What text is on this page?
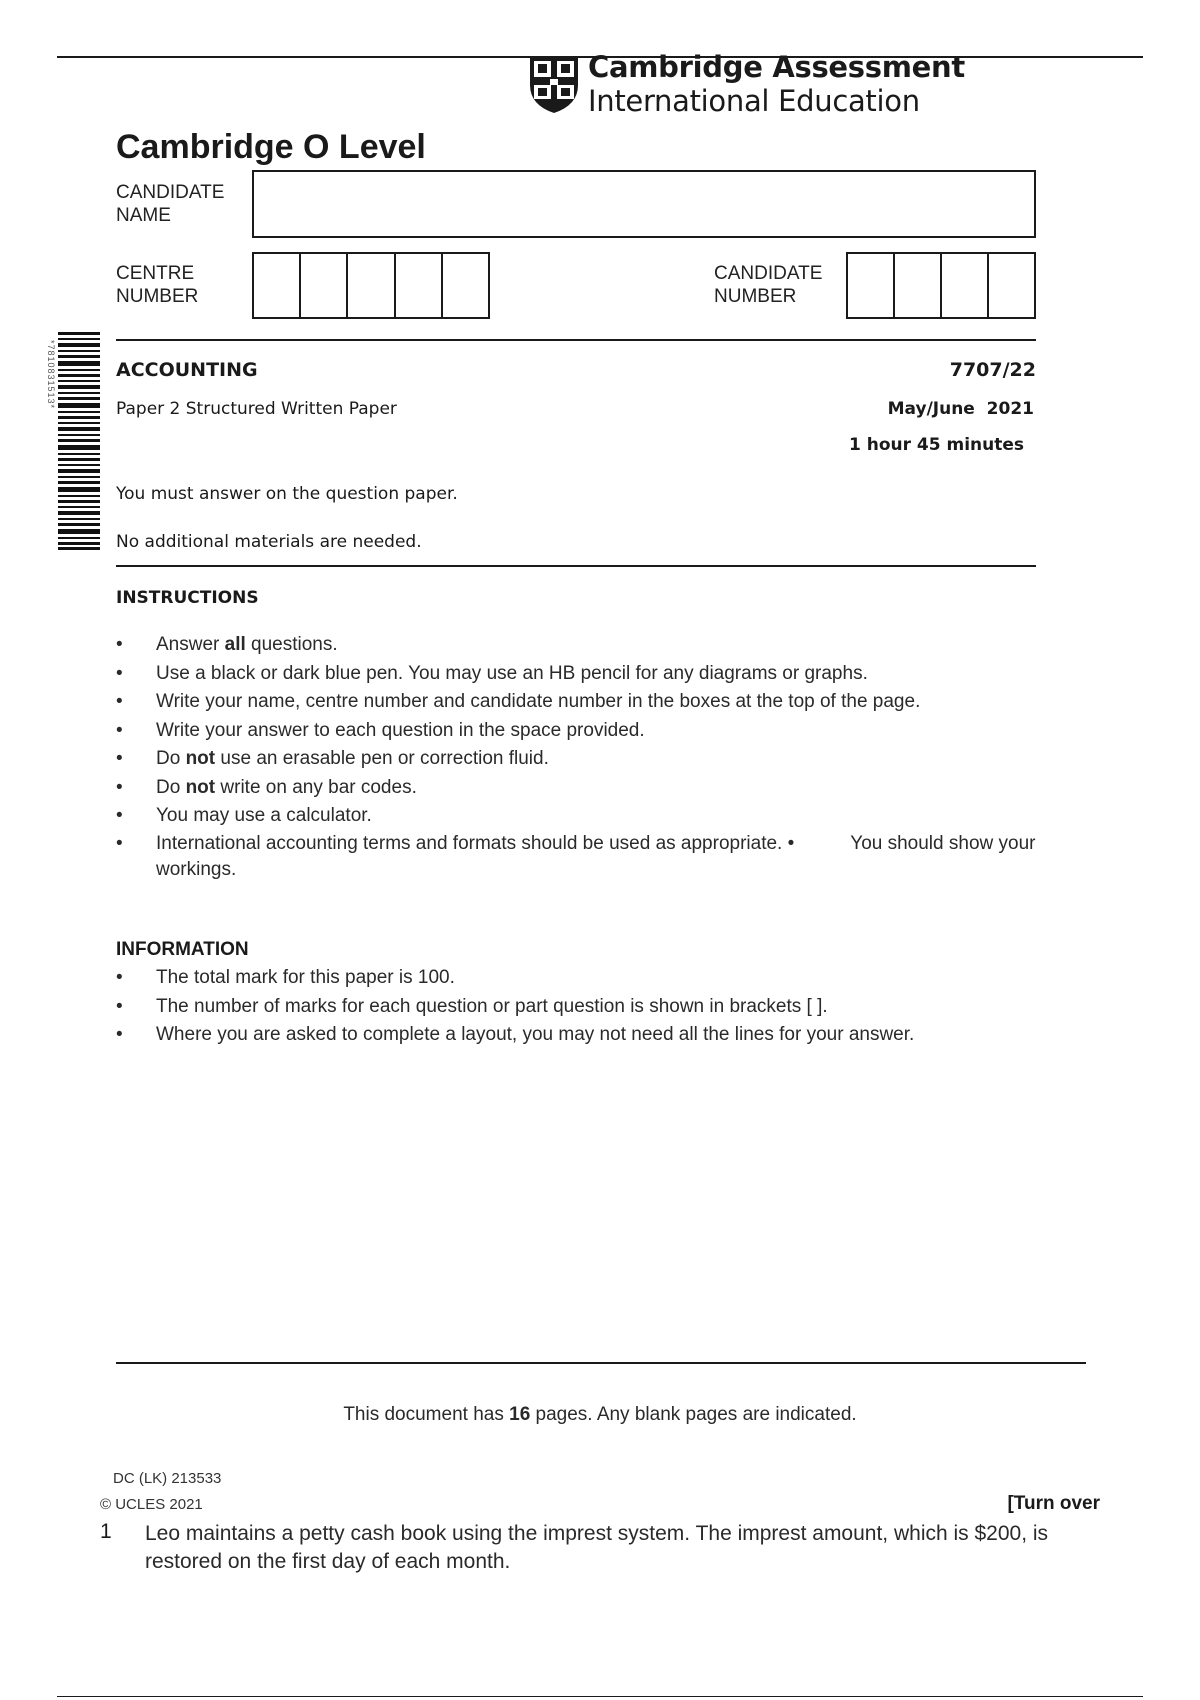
Cambridge Assessment
International Education
Cambridge O Level
CANDIDATE
NAME
CENTRE
NUMBER
CANDIDATE
NUMBER
*7810831513*	ACCOUNTING	7707/22
Paper 2 Structured Written Paper	May/June  2021
1 hour 45 minutes
You must answer on the question paper.
No additional materials are needed.
INSTRUCTIONS
• Answer all questions.
• Use a black or dark blue pen. You may use an HB pencil for any diagrams or graphs.
• Write your name, centre number and candidate number in the boxes at the top of the page.
• Write your answer to each question in the space provided.
• Do not use an erasable pen or correction fluid.
• Do not write on any bar codes.
• You may use a calculator.
• International accounting terms and formats should be used as appropriate. •	You should show your
workings.
INFORMATION
• The total mark for this paper is 100.
• The number of marks for each question or part question is shown in brackets [ ].
• Where you are asked to complete a layout, you may not need all the lines for your answer.
This document has 16 pages. Any blank pages are indicated.
DC (LK) 213533
© UCLES 2021	[Turn over
1 Leo maintains a petty cash book using the imprest system. The imprest amount, which is $200, is restored on the first day of each month.
